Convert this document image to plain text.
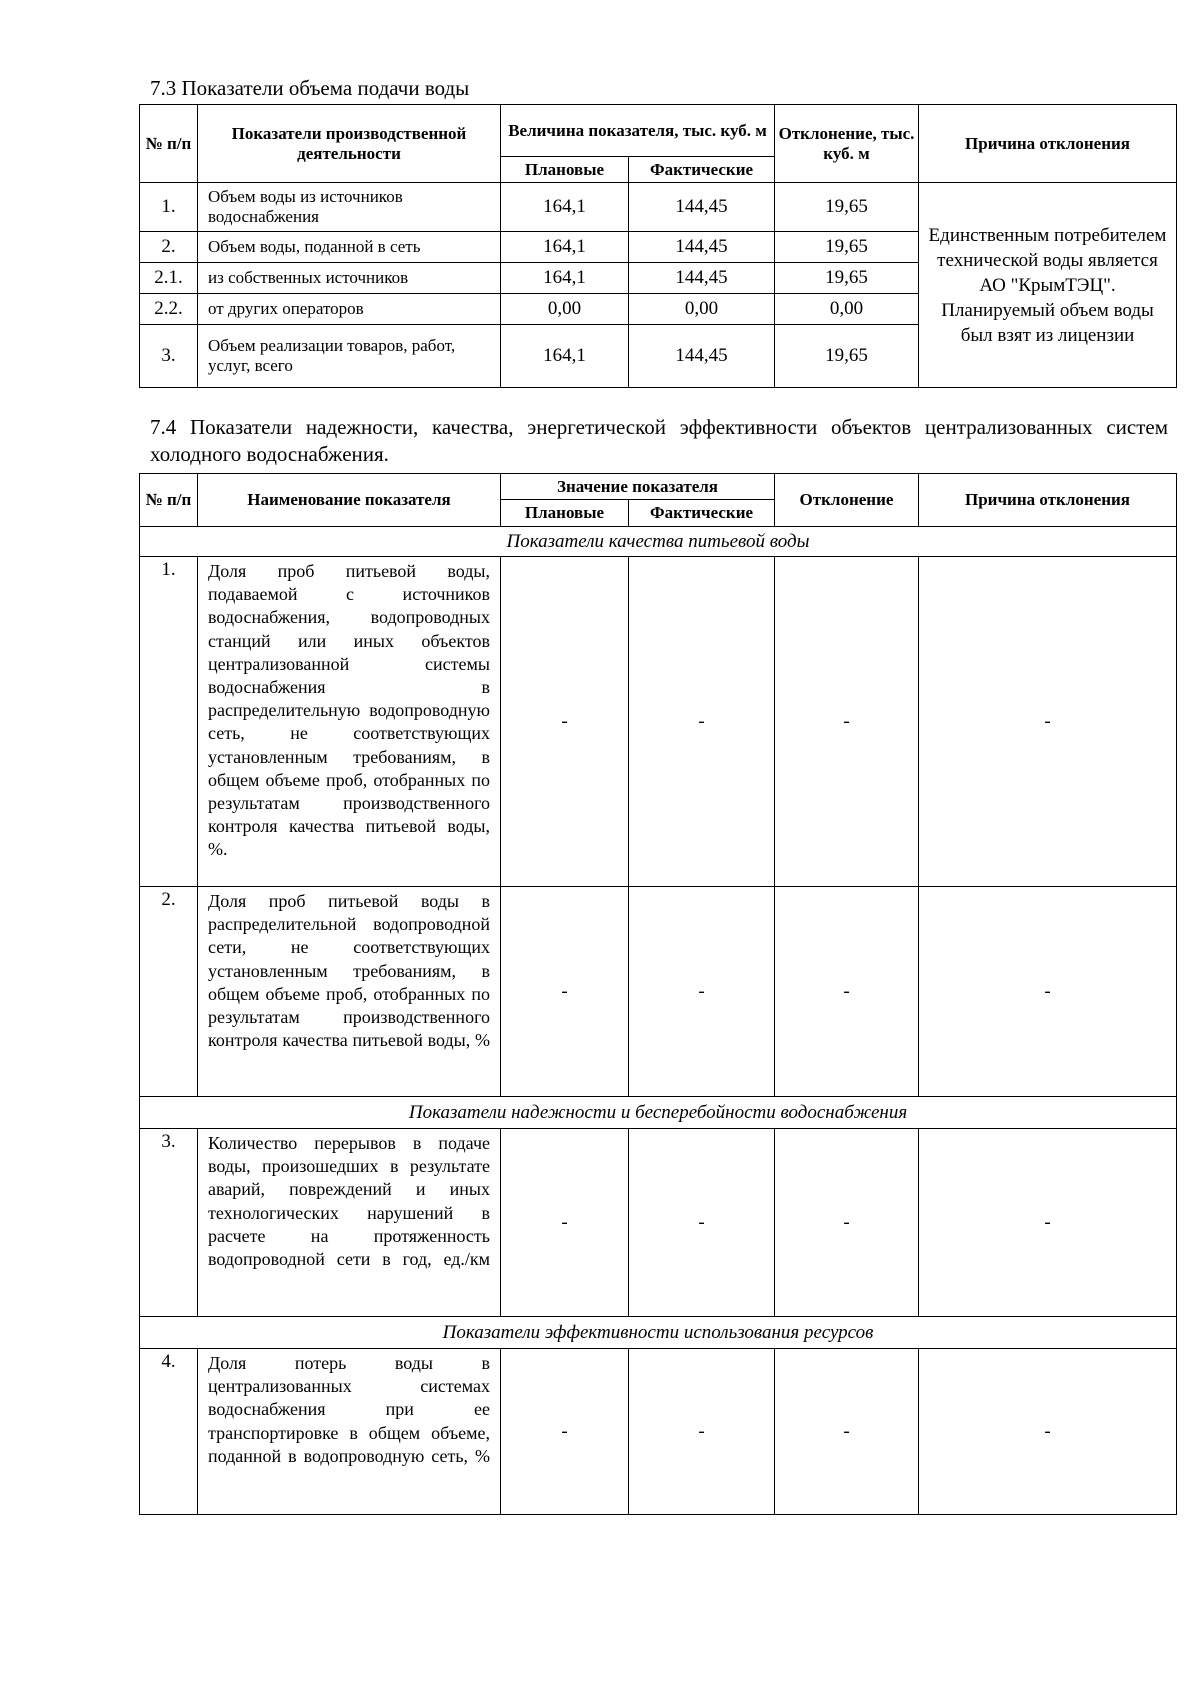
7.3 Показатели объема подачи воды
№ п/п	Показатели производственной деятельности	Величина показателя, тыс. куб. м		Отклонение, тыс. куб. м	Причина отклонения
		Плановые	Фактические		
1.	Объем воды из источников водоснабжения	164,1	144,45	19,65	Единственным потребителем технической воды является АО "КрымТЭЦ". Планируемый объем воды был взят из лицензии
2.	Объем воды, поданной в сеть	164,1	144,45	19,65	
2.1.	из собственных источников	164,1	144,45	19,65	
2.2.	от других операторов	0,00	0,00	0,00	
3.	Объем реализации товаров, работ, услуг, всего	164,1	144,45	19,65	
7.4 Показатели надежности, качества, энергетической эффективности объектов централизованных систем холодного водоснабжения.
№ п/п	Наименование показателя	Значение показателя		Отклонение	Причина отклонения
		Плановые	Фактические		
Показатели качества питьевой воды					
1.	Доля проб питьевой воды, подаваемой с источников водоснабжения, водопроводных станций или иных объектов централизованной системы водоснабжения в распределительную водопроводную сеть, не соответствующих установленным требованиям, в общем объеме проб, отобранных по результатам производственного контроля качества питьевой воды, %.	-	-	-	-
2.	Доля проб питьевой воды в распределительной водопроводной сети, не соответствующих установленным требованиям, в общем объеме проб, отобранных по результатам производственного контроля качества питьевой воды, %	-	-	-	-
Показатели надежности и бесперебойности водоснабжения					
3.	Количество перерывов в подаче воды, произошедших в результате аварий, повреждений и иных технологических нарушений в расчете на протяженность водопроводной сети в год, ед./км	-	-	-	-
Показатели эффективности использования ресурсов					
4.	Доля потерь воды в централизованных системах водоснабжения при ее транспортировке в общем объеме, поданной в водопроводную сеть, %	-	-	-	-
